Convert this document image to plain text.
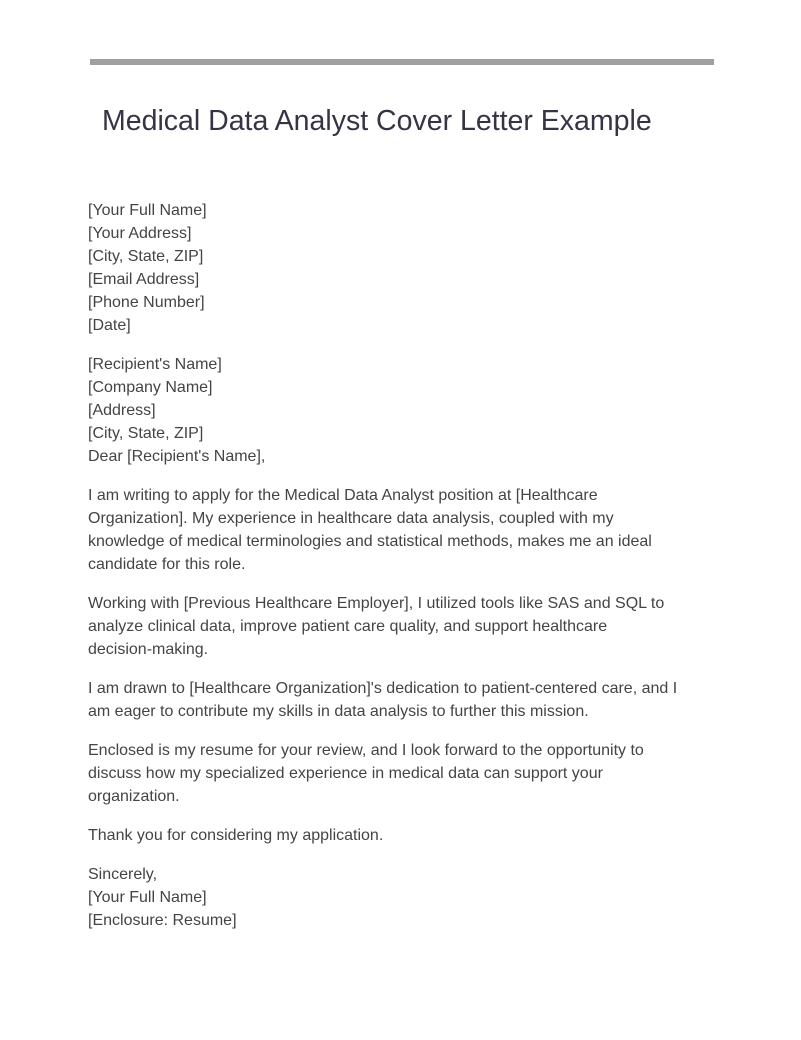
Medical Data Analyst Cover Letter Example
[Your Full Name]
[Your Address]
[City, State, ZIP]
[Email Address]
[Phone Number]
[Date]
[Recipient's Name]
[Company Name]
[Address]
[City, State, ZIP]
Dear [Recipient's Name],
I am writing to apply for the Medical Data Analyst position at [Healthcare
Organization]. My experience in healthcare data analysis, coupled with my
knowledge of medical terminologies and statistical methods, makes me an ideal
candidate for this role.
Working with [Previous Healthcare Employer], I utilized tools like SAS and SQL to
analyze clinical data, improve patient care quality, and support healthcare
decision-making.
I am drawn to [Healthcare Organization]'s dedication to patient-centered care, and I
am eager to contribute my skills in data analysis to further this mission.
Enclosed is my resume for your review, and I look forward to the opportunity to
discuss how my specialized experience in medical data can support your
organization.
Thank you for considering my application.
Sincerely,
[Your Full Name]
[Enclosure: Resume]
